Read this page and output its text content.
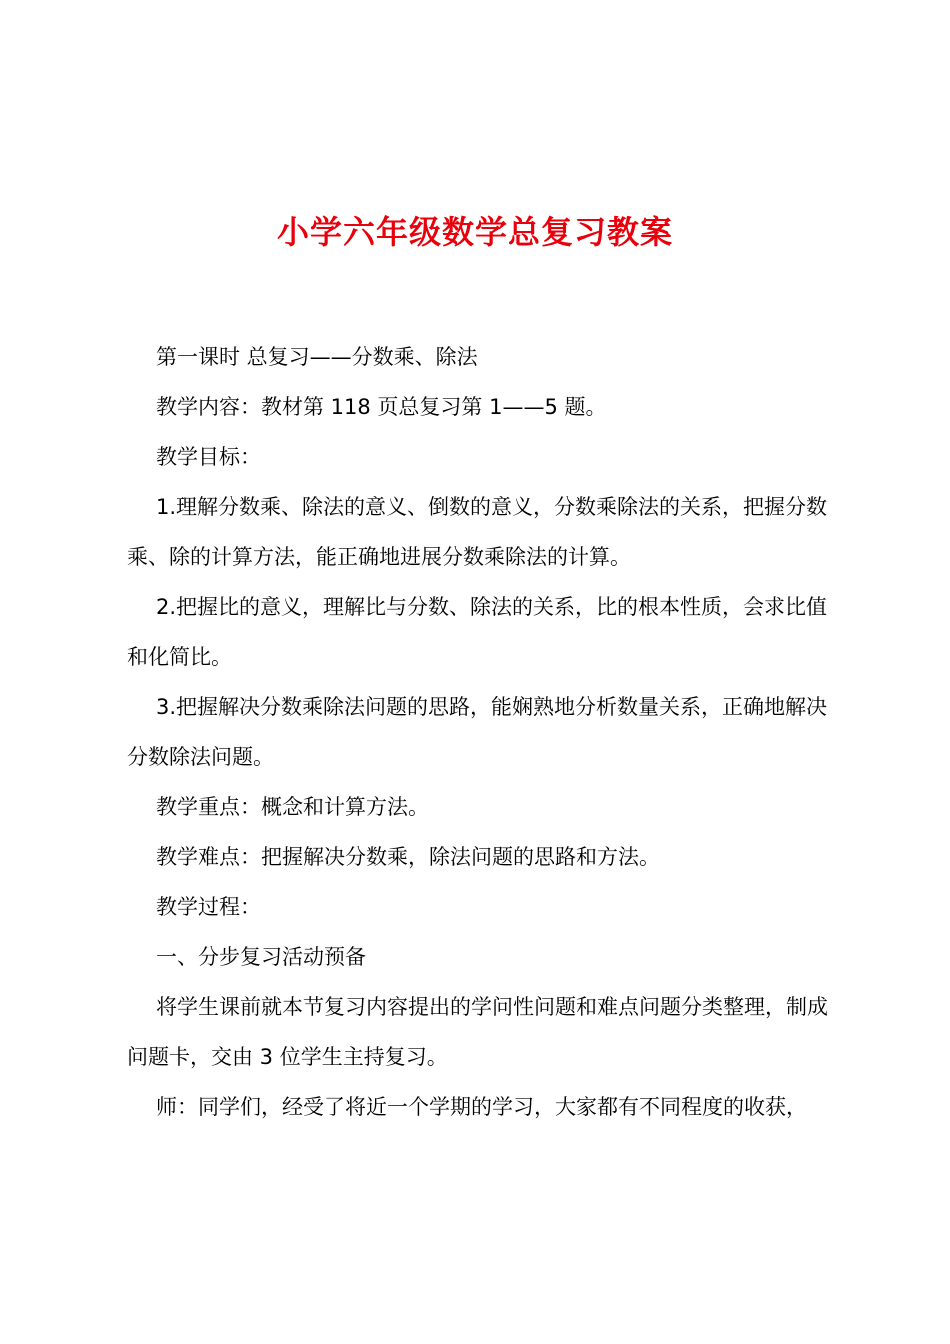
小学六年级数学总复习教案

第一课时 总复习——分数乘、除法

教学内容：教材第 118 页总复习第 1——5 题。

教学目标：

1.理解分数乘、除法的意义、倒数的意义，分数乘除法的关系，把握分数乘、除的计算方法，能正确地进展分数乘除法的计算。

2.把握比的意义，理解比与分数、除法的关系，比的根本性质，会求比值和化简比。

3.把握解决分数乘除法问题的思路，能娴熟地分析数量关系，正确地解决分数除法问题。

教学重点：概念和计算方法。

教学难点：把握解决分数乘，除法问题的思路和方法。

教学过程：

一、分步复习活动预备

将学生课前就本节复习内容提出的学问性问题和难点问题分类整理，制成问题卡，交由 3 位学生主持复习。

师：同学们，经受了将近一个学期的学习，大家都有不同程度的收获，
